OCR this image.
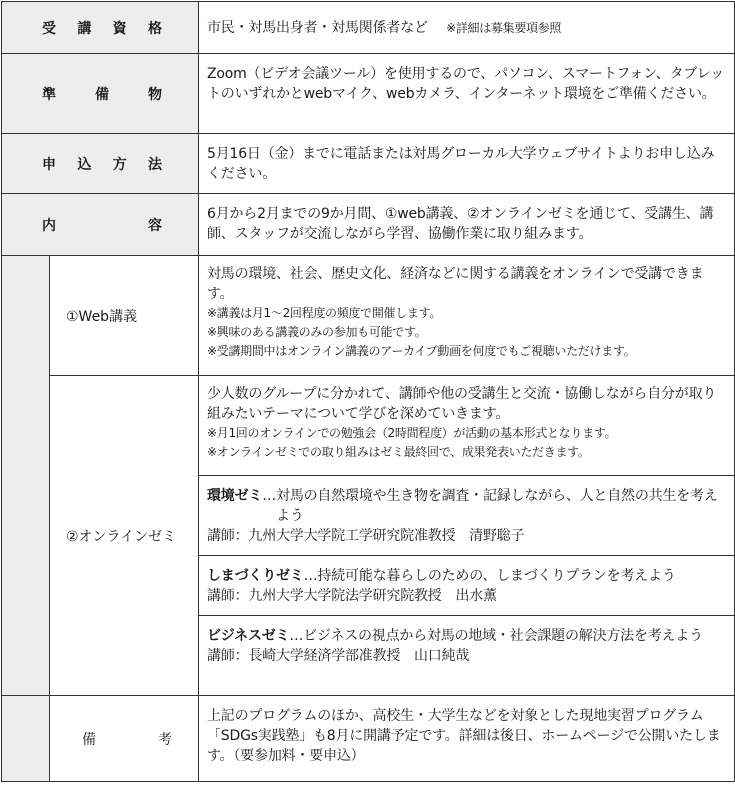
受 講 資 格		市民・対馬出身者・対馬関係者など ※詳細は募集要項参照

準 備 物		Zoom（ビデオ会議ツール）を使用するので、パソコン、スマートフォン、タブレットのいずれかとwebマイク、webカメラ、インターネット環境をご準備ください。

申 込 方 法		5月16日（金）までに電話または対馬グローカル大学ウェブサイトよりお申し込みください。

内 容		6月から2月までの9か月間、①web講義、②オンラインゼミを通じて、受講生、講師、スタッフが交流しながら学習、協働作業に取り組みます。

	①Web講義	対馬の環境、社会、歴史文化、経済などに関する講義をオンラインで受講できます。
※講義は月1〜2回程度の頻度で開催します。
※興味のある講義のみの参加も可能です。
※受講期間中はオンライン講義のアーカイブ動画を何度でもご視聴いただけます。

	②オンラインゼミ	少人数のグループに分かれて、講師や他の受講生と交流・協働しながら自分が取り組みたいテーマについて学びを深めていきます。
※月1回のオンラインでの勉強会（2時間程度）が活動の基本形式となります。
※オンラインゼミでの取り組みはゼミ最終回で、成果発表いただきます。

		環境ゼミ … 対馬の自然環境や生き物を調査・記録しながら、人と自然の共生を考えよう
講師：九州大学大学院工学研究院准教授　清野聡子

		しまづくりゼミ … 持続可能な暮らしのための、しまづくりプランを考えよう
講師：九州大学大学院法学研究院教授　出水薫

		ビジネスゼミ … ビジネスの視点から対馬の地域・社会課題の解決方法を考えよう
講師：長崎大学経済学部准教授　山口純哉

	備 考	上記のプログラムのほか、高校生・大学生などを対象とした現地実習プログラム「SDGs実践塾」も8月に開講予定です。詳細は後日、ホームページで公開いたします。（要参加料・要申込）
